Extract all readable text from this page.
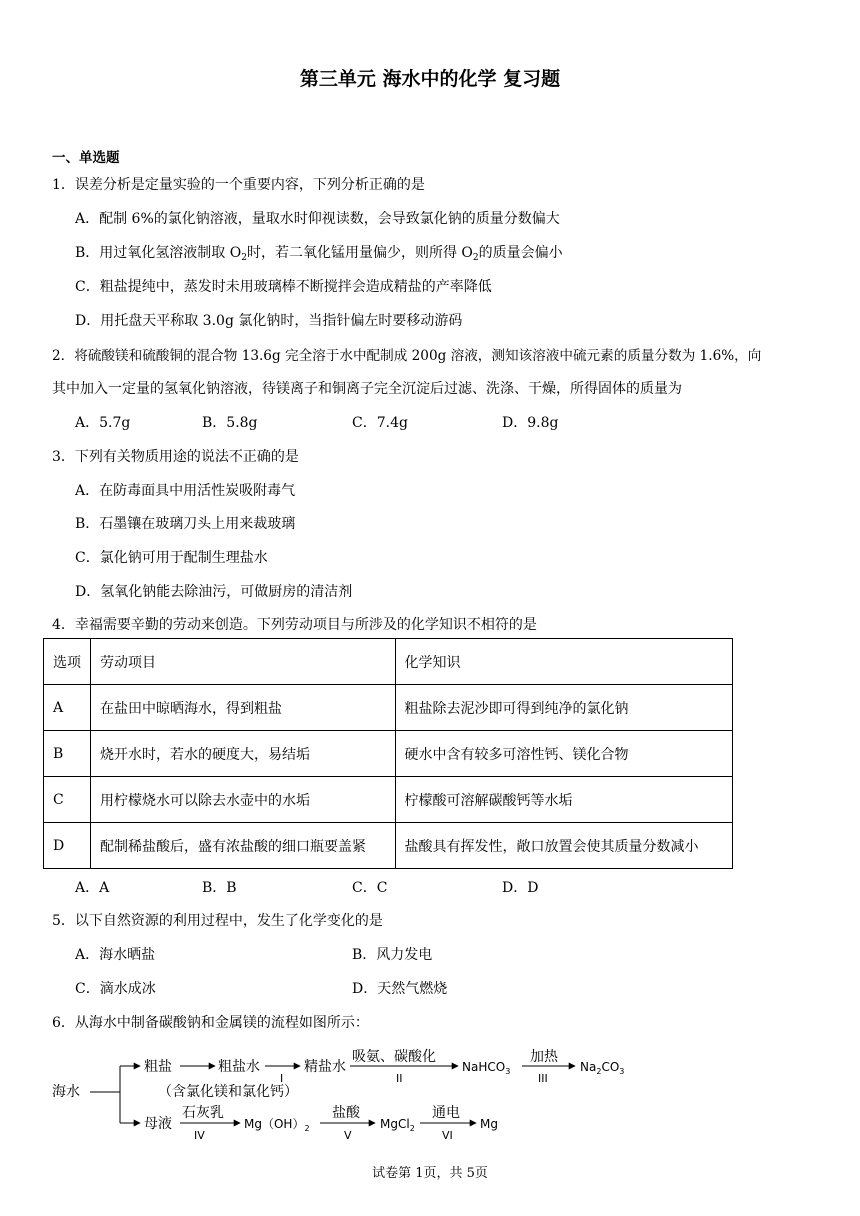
第三单元 海水中的化学 复习题
一、单选题
1．误差分析是定量实验的一个重要内容，下列分析正确的是
A．配制 6%的氯化钠溶液，量取水时仰视读数，会导致氯化钠的质量分数偏大
B．用过氧化氢溶液制取 $O_2$时，若二氧化锰用量偏少，则所得 $O_2$的质量会偏小
C．粗盐提纯中，蒸发时未用玻璃棒不断搅拌会造成精盐的产率降低
D．用托盘天平称取 3.0g 氯化钠时，当指针偏左时要移动游码
2．将硫酸镁和硫酸铜的混合物 13.6g 完全溶于水中配制成 200g 溶液，测知该溶液中硫元素的质量分数为 1.6%，向
其中加入一定量的氢氧化钠溶液，待镁离子和铜离子完全沉淀后过滤、洗涤、干燥，所得固体的质量为
A．5.7g	B．5.8g	C．7.4g	D．9.8g
3．下列有关物质用途的说法不正确的是
A．在防毒面具中用活性炭吸附毒气
B．石墨镶在玻璃刀头上用来裁玻璃
C．氯化钠可用于配制生理盐水
D．氢氧化钠能去除油污，可做厨房的清洁剂
4．幸福需要辛勤的劳动来创造。下列劳动项目与所涉及的化学知识不相符的是
选项	劳动项目	化学知识
A	在盐田中晾晒海水，得到粗盐	粗盐除去泥沙即可得到纯净的氯化钠
B	烧开水时，若水的硬度大，易结垢	硬水中含有较多可溶性钙、镁化合物
C	用柠檬烧水可以除去水壶中的水垢	柠檬酸可溶解碳酸钙等水垢
D	配制稀盐酸后，盛有浓盐酸的细口瓶要盖紧	盐酸具有挥发性，敞口放置会使其质量分数减小
A．A	B．B	C．C	D．D
5．以下自然资源的利用过程中，发生了化学变化的是
A．海水晒盐	B．风力发电
C．滴水成冰	D．天然气燃烧
6．从海水中制备碳酸钠和金属镁的流程如图所示：
海水
粗盐	粗盐水
（含氯化镁和氯化钙）
I
精盐水
吸氨、碳酸化
II
NaHCO$_3$
加热
III
$Na_2CO_3$
母液
石灰乳
IV
$Mg(OH)_2$
盐酸
V
MgCl$_2$
通电
VI
Mg
试卷第 1页，共 5页
